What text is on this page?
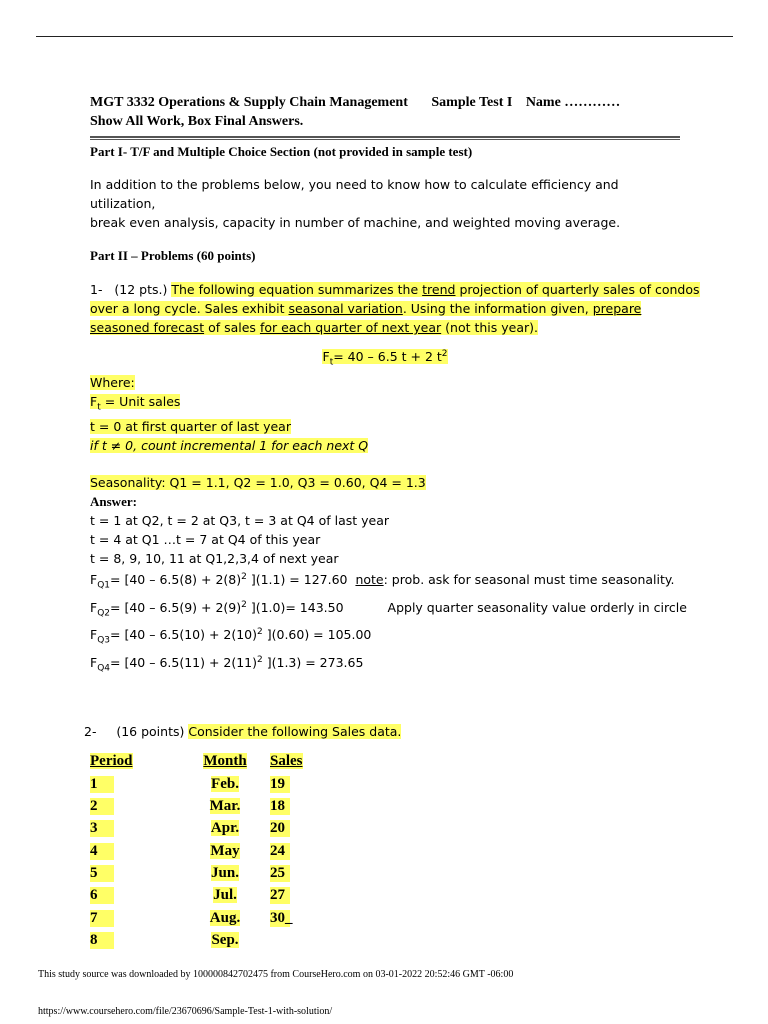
MGT 3332 Operations & Supply Chain Management Sample Test I Name …………
Show All Work, Box Final Answers.
Part I- T/F and Multiple Choice Section (not provided in sample test)
In addition to the problems below, you need to know how to calculate efficiency and utilization,
break even analysis, capacity in number of machine, and weighted moving average.
Part II – Problems (60 points)
1- (12 pts.) The following equation summarizes the trend projection of quarterly sales of condos
over a long cycle. Sales exhibit seasonal variation. Using the information given, prepare
seasoned forecast of sales for each quarter of next year (not this year).
$F_t= 40 - 6.5$ t + 2 $t^2$
Where:
$F_t$ = Unit sales
t = 0 at first quarter of last year
if t ≠ 0, count incremental 1 for each next Q
Seasonality: Q1 = 1.1, Q2 = 1.0, Q3 = 0.60, Q4 = 1.3
Answer:
t = 1 at Q2, t = 2 at Q3, t = 3 at Q4 of last year
t = 4 at Q1 …t = 7 at Q4 of this year
t = 8, 9, 10, 11 at Q1,2,3,4 of next year
$F_{Q1}= [40 - 6.5(8) + 2(8)^2$ ](1.1) = 127.60 note: prob. ask for seasonal must time seasonality.
$F_{Q2}= [40 - 6.5(9) + 2(9)^2$ ](1.0)= 143.50	Apply quarter seasonality value orderly in circle
$F_{Q3}= [40 - 6.5(10) + 2(10)^2$ ](0.60) = 105.00
$F_{Q4}= [40 - 6.5(11) + 2(11)^2$ ](1.3) = 273.65
2- (16 points) Consider the following Sales data.
Period	Month	Sales
1	Feb.	19
2	Mar.	18
3	Apr.	20
4	May	24
5	Jun.	25
6	Jul.	27
7	Aug.	30_
8	Sep.
This study source was downloaded by 100000842702475 from CourseHero.com on 03-01-2022 20:52:46 GMT -06:00
https://www.coursehero.com/file/23670696/Sample-Test-1-with-solution/
